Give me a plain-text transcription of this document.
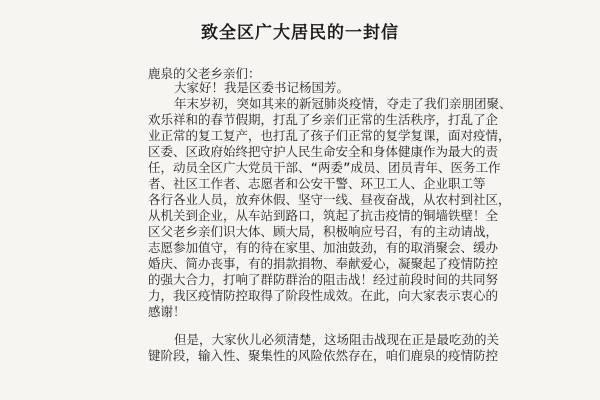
致全区广大居民的一封信
鹿泉的父老乡亲们：
大家好！我是区委书记杨国芳。
年末岁初，突如其来的新冠肺炎疫情，夺走了我们亲朋团聚、
欢乐祥和的春节假期，打乱了乡亲们正常的生活秩序，打乱了企
业正常的复工复产，也打乱了孩子们正常的复学复课，面对疫情，
区委、区政府始终把守护人民生命安全和身体健康作为最大的责
任，动员全区广大党员干部、“两委”成员、团员青年、医务工作
者、社区工作者、志愿者和公安干警、环卫工人、企业职工等
各行各业人员，放弃休假、坚守一线、昼夜奋战，从农村到社区，
从机关到企业，从车站到路口，筑起了抗击疫情的铜墙铁壁！全
区父老乡亲们识大体、顾大局，积极响应号召，有的主动请战，
志愿参加值守，有的待在家里、加油鼓劲，有的取消聚会、缓办
婚庆、简办丧事，有的捐款捐物、奉献爱心，凝聚起了疫情防控
的强大合力，打响了群防群治的阻击战！经过前段时间的共同努
力，我区疫情防控取得了阶段性成效。在此，向大家表示衷心的
感谢！
但是，大家伙儿必须清楚，这场阻击战现在正是最吃劲的关
键阶段，输入性、聚集性的风险依然存在，咱们鹿泉的疫情防控
